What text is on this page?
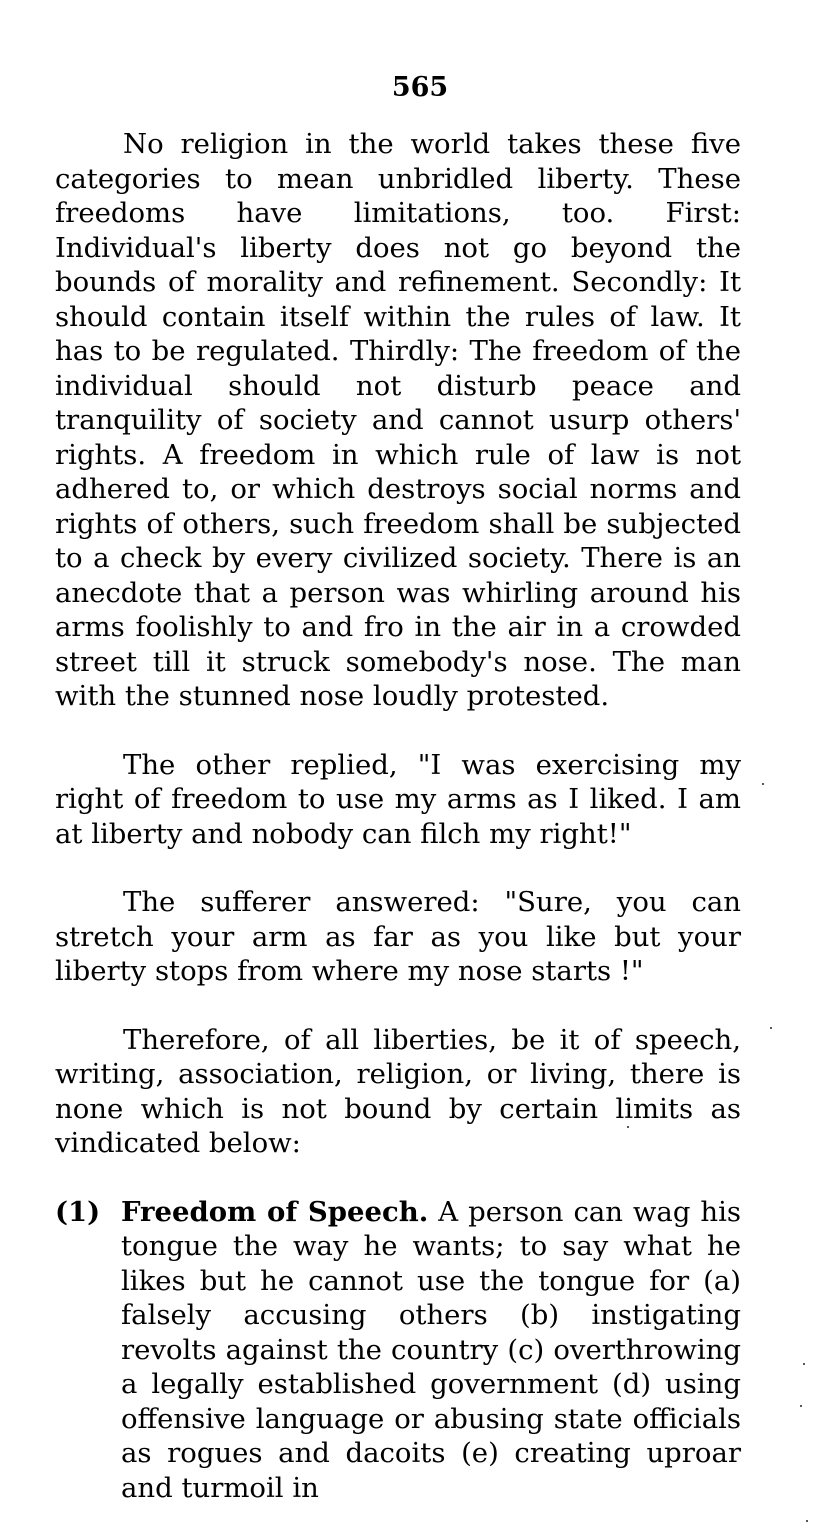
565

No religion in the world takes these five categories to mean unbridled liberty. These freedoms have limitations, too. First: Individual's liberty does not go beyond the bounds of morality and refinement. Secondly: It should contain itself within the rules of law. It has to be regulated. Thirdly: The freedom of the individual should not disturb peace and tranquility of society and cannot usurp others' rights. A freedom in which rule of law is not adhered to, or which destroys social norms and rights of others, such freedom shall be subjected to a check by every civilized society. There is an anecdote that a person was whirling around his arms foolishly to and fro in the air in a crowded street till it struck somebody's nose. The man with the stunned nose loudly protested.

The other replied, "I was exercising my right of freedom to use my arms as I liked. I am at liberty and nobody can filch my right!"

The sufferer answered: "Sure, you can stretch your arm as far as you like but your liberty stops from where my nose starts !"

Therefore, of all liberties, be it of speech, writing, association, religion, or living, there is none which is not bound by certain limits as vindicated below:

(1) Freedom of Speech. A person can wag his tongue the way he wants; to say what he likes but he cannot use the tongue for (a) falsely accusing others (b) instigating revolts against the country (c) overthrowing a legally established government (d) using offensive language or abusing state officials as rogues and dacoits (e) creating uproar and turmoil in
